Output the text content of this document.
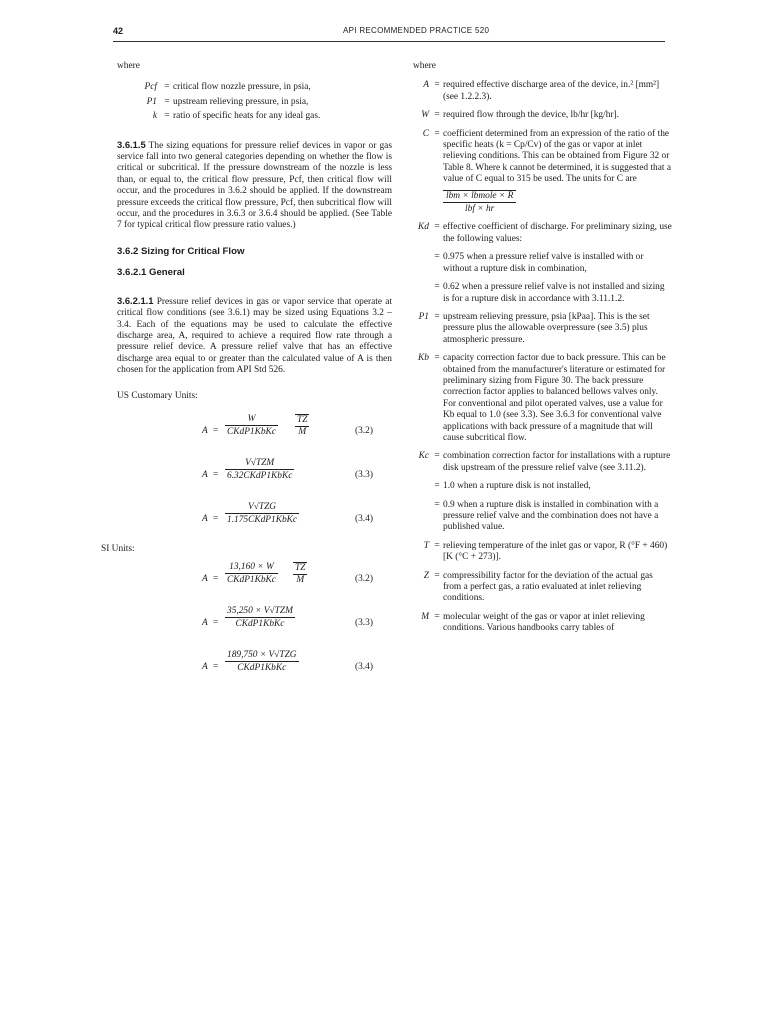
42	API RECOMMENDED PRACTICE 520
where
Pcf = critical flow nozzle pressure, in psia,
P1 = upstream relieving pressure, in psia,
k = ratio of specific heats for any ideal gas.
3.6.1.5 The sizing equations for pressure relief devices in vapor or gas service fall into two general categories depending on whether the flow is critical or subcritical. If the pressure downstream of the nozzle is less than, or equal to, the critical flow pressure, Pcf, then critical flow will occur, and the procedures in 3.6.2 should be applied. If the downstream pressure exceeds the critical flow pressure, Pcf, then subcritical flow will occur, and the procedures in 3.6.3 or 3.6.4 should be applied. (See Table 7 for typical critical flow pressure ratio values.)
3.6.2 Sizing for Critical Flow
3.6.2.1 General
3.6.2.1.1 Pressure relief devices in gas or vapor service that operate at critical flow conditions (see 3.6.1) may be sized using Equations 3.2 – 3.4. Each of the equations may be used to calculate the effective discharge area, A, required to achieve a required flow rate through a pressure relief device. A pressure relief valve that has an effective discharge area equal to or greater than the calculated value of A is then chosen for the application from API Std 526.
US Customary Units:
A =
W
CKdP1KbKc $\frac{TZ}{M}$	(3.2)
A =
V√TZM
6.32CKdP1KbKc	(3.3)
A =
V√TZG
1.175CKdP1KbKc	(3.4)
SI Units:
A =
13,160 × W
CKdP1KbKc $\frac{TZ}{M}$	(3.2)
A =
35,250 × V√TZM
CKdP1KbKc	(3.3)
A =
189,750 × V√TZG
CKdP1KbKc	(3.4)
where
A = required effective discharge area of the device, in.² [mm²] (see 1.2.2.3).
W = required flow through the device, lb/hr [kg/hr].
C = coefficient determined from an expression of the ratio of the specific heats (k = Cp/Cv) of the gas or vapor at inlet relieving conditions. This can be obtained from Figure 32 or Table 8. Where k cannot be determined, it is suggested that a value of C equal to 315 be used. The units for C are

$\frac{\text{lbm × lbmole × R}}{\text{lbf × hr}}$
Kd = effective coefficient of discharge. For preliminary sizing, use the following values:
= 0.975 when a pressure relief valve is installed with or without a rupture disk in combination,
= 0.62 when a pressure relief valve is not installed and sizing is for a rupture disk in accordance with 3.11.1.2.
P1 = upstream relieving pressure, psia [kPaa]. This is the set pressure plus the allowable overpressure (see 3.5) plus atmospheric pressure.
Kb = capacity correction factor due to back pressure. This can be obtained from the manufacturer's literature or estimated for preliminary sizing from Figure 30. The back pressure correction factor applies to balanced bellows valves only. For conventional and pilot operated valves, use a value for Kb equal to 1.0 (see 3.3). See 3.6.3 for conventional valve applications with back pressure of a magnitude that will cause subcritical flow.
Kc = combination correction factor for installations with a rupture disk upstream of the pressure relief valve (see 3.11.2).
= 1.0 when a rupture disk is not installed,
= 0.9 when a rupture disk is installed in combination with a pressure relief valve and the combination does not have a published value.
T = relieving temperature of the inlet gas or vapor, R (°F + 460) [K (°C + 273)].
Z = compressibility factor for the deviation of the actual gas from a perfect gas, a ratio evaluated at inlet relieving conditions.
M = molecular weight of the gas or vapor at inlet relieving conditions. Various handbooks carry tables of
